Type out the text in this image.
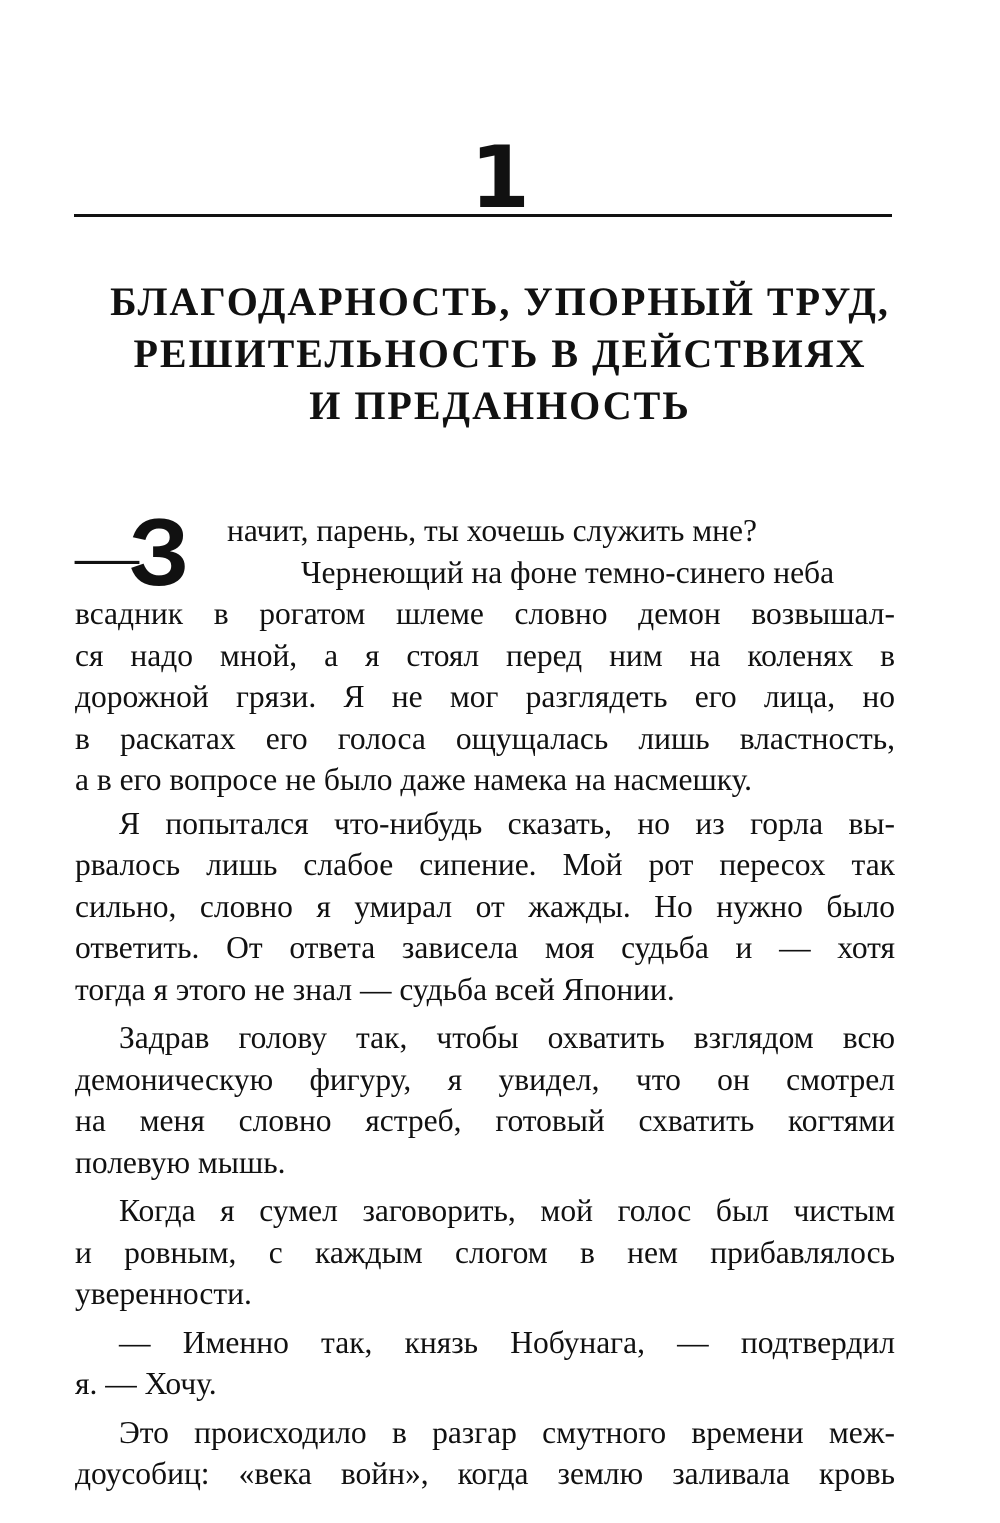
1
БЛАГОДАРНОСТЬ, УПОРНЫЙ ТРУД,
РЕШИТЕЛЬНОСТЬ В ДЕЙСТВИЯХ
И ПРЕДАННОСТЬ
—
З начит, парень, ты хочешь служить мне?
Чернеющий на фоне темно-синего неба
всадник в рогатом шлеме словно демон возвышал-
ся надо мной, а я стоял перед ним на коленях в
дорожной грязи. Я не мог разглядеть его лица, но
в раскатах его голоса ощущалась лишь властность,
а в его вопросе не было даже намека на насмешку.
Я попытался что-нибудь сказать, но из горла вы-
рвалось лишь слабое сипение. Мой рот пересох так
сильно, словно я умирал от жажды. Но нужно было
ответить. От ответа зависела моя судьба и — хотя
тогда я этого не знал — судьба всей Японии.
Задрав голову так, чтобы охватить взглядом всю
демоническую фигуру, я увидел, что он смотрел
на меня словно ястреб, готовый схватить когтями
полевую мышь.
Когда я сумел заговорить, мой голос был чистым
и ровным, с каждым слогом в нем прибавлялось
уверенности.
— Именно так, князь Нобунага, — подтвердил
я. — Хочу.
Это происходило в разгар смутного времени меж-
доусобиц: «века войн», когда землю заливала кровь
